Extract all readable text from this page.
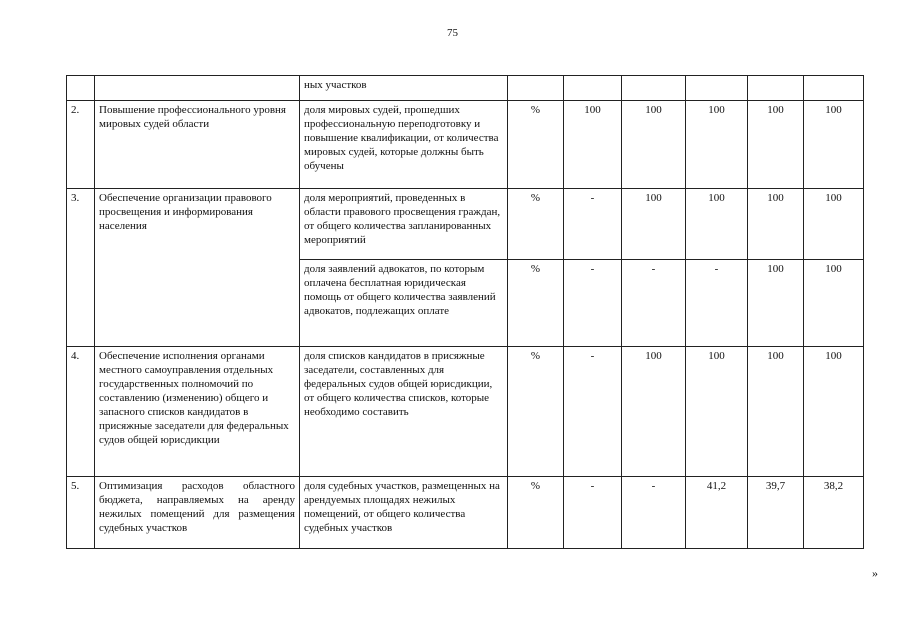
75
		ных участков						
2.	Повышение профессионального уровня мировых судей области	доля мировых судей, прошедших профессиональную переподготовку и повышение квалификации, от количества мировых судей, которые должны быть обучены	%	100	100	100	100	100
3.	Обеспечение организации правового просвещения и информирования населения	доля мероприятий, проведенных в области правового просвещения граждан, от общего количества запланированных мероприятий	%	-	100	100	100	100
		доля заявлений адвокатов, по которым оплачена бесплатная юридическая помощь от общего количества заявлений адвокатов, подлежащих оплате	%	-	-	-	100	100
4.	Обеспечение исполнения органами местного самоуправления отдельных государственных полномочий по составлению (изменению) общего и запасного списков кандидатов в присяжные заседатели для федеральных судов общей юрисдикции	доля списков кандидатов в присяжные заседатели, составленных для федеральных судов общей юрисдикции, от общего количества списков, которые необходимо составить	%	-	100	100	100	100
5.	Оптимизация расходов областного бюджета, направляемых на аренду нежилых помещений для размещения судебных участков	доля судебных участков, размещенных на арендуемых площадях нежилых помещений, от общего количества судебных участков	%	-	-	41,2	39,7	38,2
»
